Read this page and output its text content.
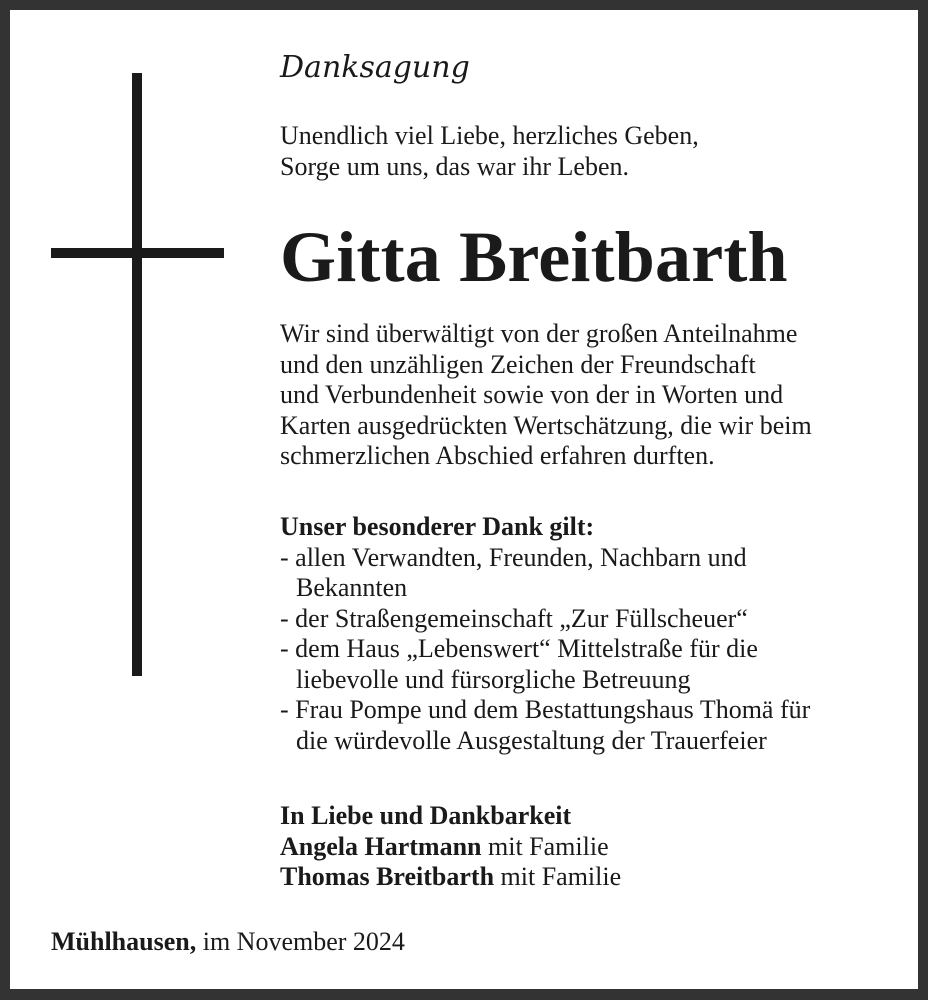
Danksagung
Unendlich viel Liebe, herzliches Geben,
Sorge um uns, das war ihr Leben.
Gitta Breitbarth
Wir sind überwältigt von der großen Anteilnahme
und den unzähligen Zeichen der Freundschaft
und Verbundenheit sowie von der in Worten und
Karten ausgedrückten Wertschätzung, die wir beim
schmerzlichen Abschied erfahren durften.
Unser besonderer Dank gilt:
- allen Verwandten, Freunden, Nachbarn und
Bekannten
- der Straßengemeinschaft „Zur Füllscheuer“
- dem Haus „Lebenswert“ Mittelstraße für die
liebevolle und fürsorgliche Betreuung
- Frau Pompe und dem Bestattungshaus Thomä für
die würdevolle Ausgestaltung der Trauerfeier
In Liebe und Dankbarkeit
Angela Hartmann mit Familie
Thomas Breitbarth mit Familie
Mühlhausen, im November 2024
